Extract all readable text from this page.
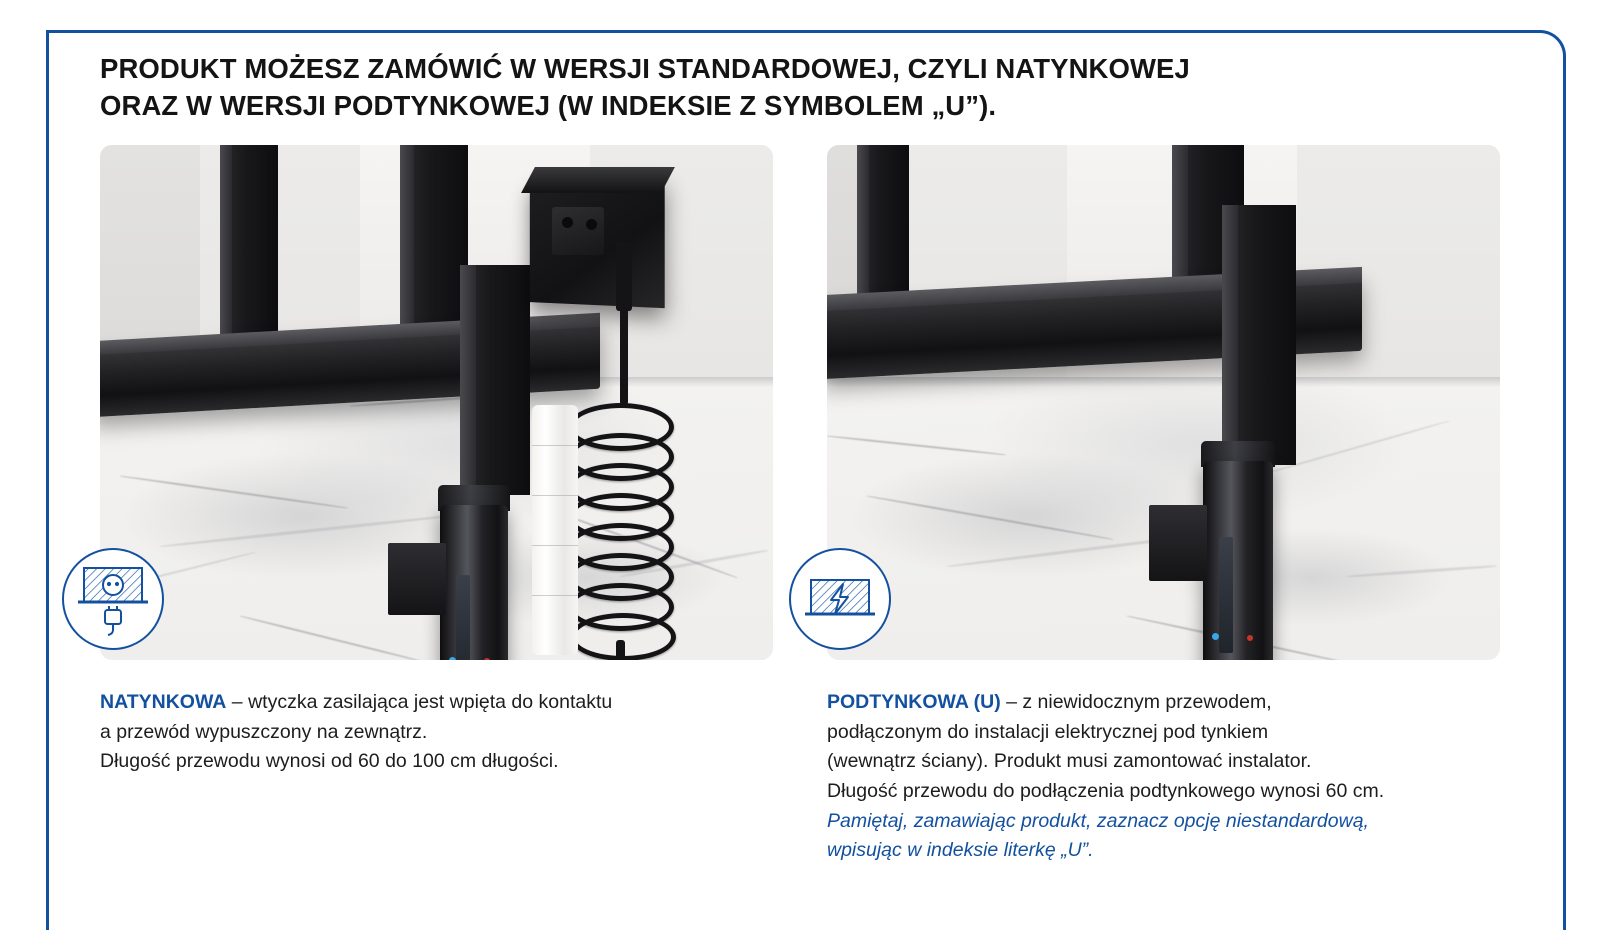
PRODUKT MOŻESZ ZAMÓWIĆ W WERSJI STANDARDOWEJ, CZYLI NATYNKOWEJ
ORAZ W WERSJI PODTYNKOWEJ (W INDEKSIE Z SYMBOLEM „U”).

NATYNKOWA – wtyczka zasilająca jest wpięta do kontaktu

a przewód wypuszczony na zewnątrz.

Długość przewodu wynosi od 60 do 100 cm długości.

PODTYNKOWA (U) – z niewidocznym przewodem,

podłączonym do instalacji elektrycznej pod tynkiem

(wewnątrz ściany). Produkt musi zamontować instalator.

Długość przewodu do podłączenia podtynkowego wynosi 60 cm.

Pamiętaj, zamawiając produkt, zaznacz opcję niestandardową,

wpisując w indeksie literkę „U”.
